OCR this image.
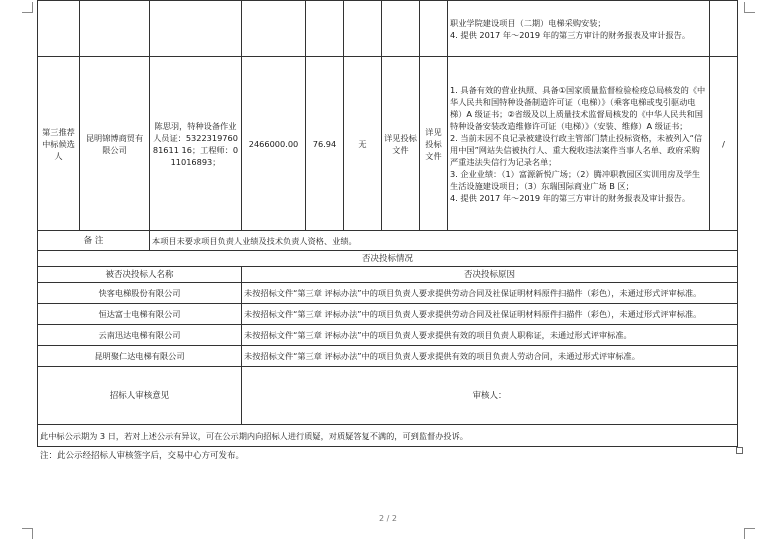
								职业学院建设项目（二期）电梯采购安装；
4. 提供 2017 年～2019 年的第三方审计的财务报表及审计报告。	

第三推荐中标候选人	昆明锦博商贸有限公司	陈思羽，特种设备作业人员证：532231976081611 16；工程师：011016893；	2466000.00	76.94	无	详见投标文件	详见投标文件	1. 具备有效的营业执照、具备①国家质量监督检验检疫总局核发的《中华人民共和国特种设备制造许可证（电梯）》（乘客电梯或曳引驱动电梯）A 级证书；②省级及以上质量技术监督局核发的《中华人民共和国特种设备安装改造维修许可证（电梯）》（安装、维修）A 级证书；
2. 当前未因不良记录被建设行政主管部门禁止投标资格，未被列入“信用中国”网站失信被执行人、重大税收违法案件当事人名单、政府采购严重违法失信行为记录名单；
3. 企业业绩：（1）富源新悦广场；（2）腾冲职教园区实训用房及学生生活设施建设项目；（3）东瑞国际商业广场 B 区；
4. 提供 2017 年～2019 年的第三方审计的财务报表及审计报告。	/
备 注		本项目未要求项目负责人业绩及技术负责人资格、业绩。							
否决投标情况									
被否决投标人名称			否决投标原因						
快客电梯股份有限公司			未按招标文件“第三章 评标办法”中的项目负责人要求提供劳动合同及社保证明材料原件扫描件（彩色），未通过形式评审标准。						
恒达富士电梯有限公司			未按招标文件“第三章 评标办法”中的项目负责人要求提供劳动合同及社保证明材料原件扫描件（彩色），未通过形式评审标准。						
云南迅达电梯有限公司			未按招标文件“第三章 评标办法”中的项目负责人要求提供有效的项目负责人职称证，未通过形式评审标准。						
昆明聚仁达电梯有限公司			未按招标文件“第三章 评标办法”中的项目负责人要求提供有效的项目负责人劳动合同，未通过形式评审标准。						
招标人审核意见			审核人：						
此中标公示期为 3 日，若对上述公示有异议，可在公示期内向招标人进行质疑，对质疑答复不满的，可到监督办投诉。									
注：此公示经招标人审核签字后，交易中心方可发布。
2 / 2
